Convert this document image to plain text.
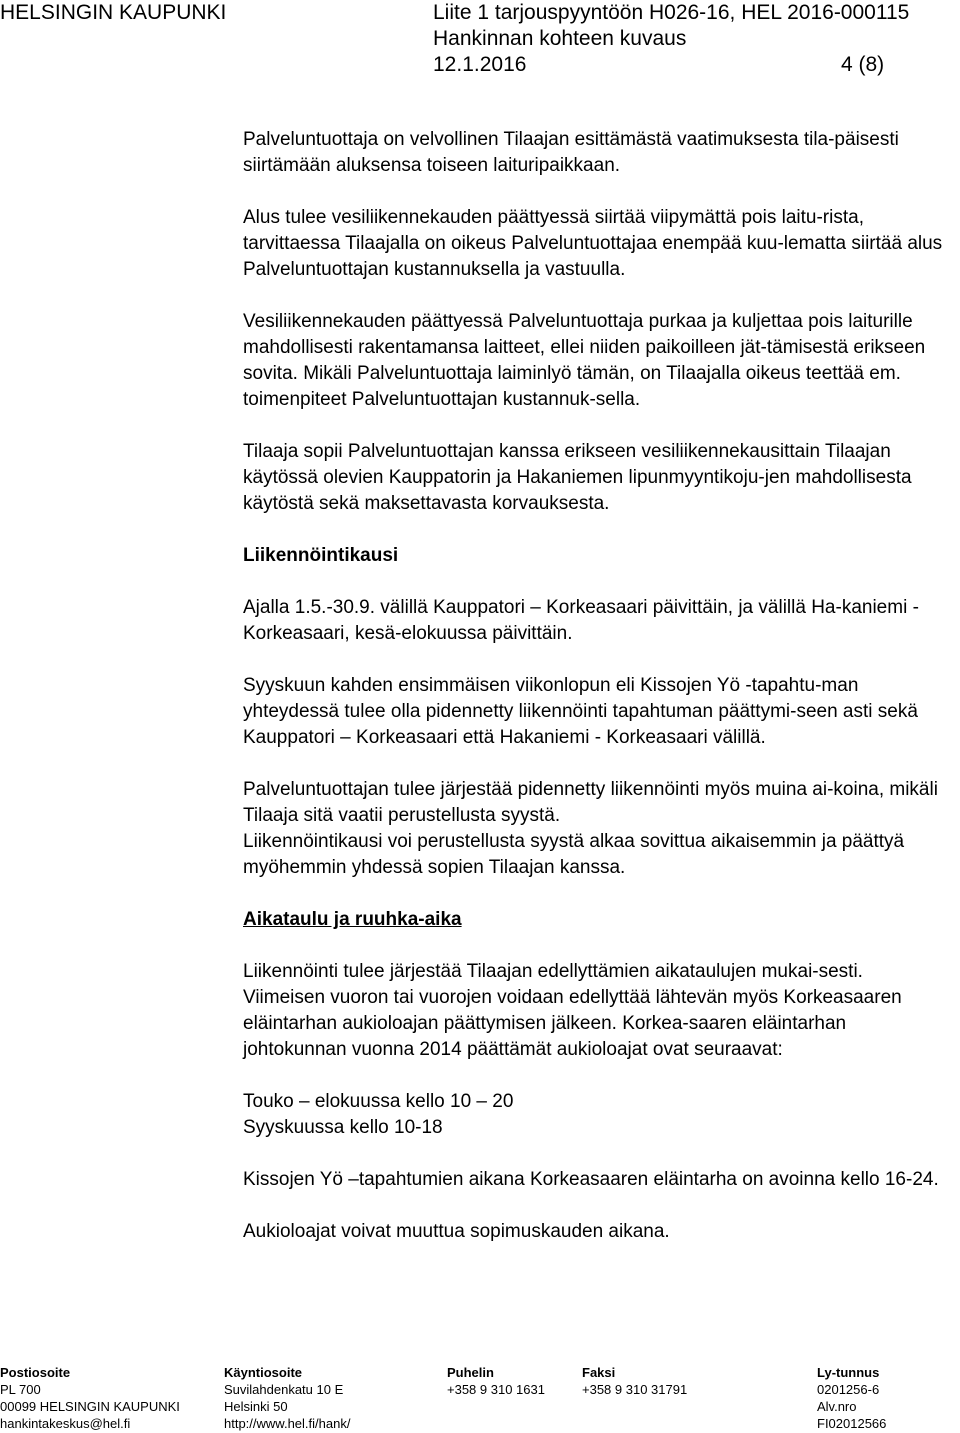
HELSINGIN KAUPUNKI	Liite 1 tarjouspyyntöön H026-16, HEL 2016-000115
Hankinnan kohteen kuvaus
12.1.2016	4 (8)

Palveluntuottaja on velvollinen Tilaajan esittämästä vaatimuksesta tila-päisesti siirtämään aluksensa toiseen laituripaikkaan.

Alus tulee vesiliikennekauden päättyessä siirtää viipymättä pois laitu-rista, tarvittaessa Tilaajalla on oikeus Palveluntuottajaa enempää kuu-lematta siirtää alus Palveluntuottajan kustannuksella ja vastuulla.

Vesiliikennekauden päättyessä Palveluntuottaja purkaa ja kuljettaa pois laiturille mahdollisesti rakentamansa laitteet, ellei niiden paikoilleen jät-tämisestä erikseen sovita. Mikäli Palveluntuottaja laiminlyö tämän, on Tilaajalla oikeus teettää em. toimenpiteet Palveluntuottajan kustannuk-sella.

Tilaaja sopii Palveluntuottajan kanssa erikseen vesiliikennekausittain Tilaajan käytössä olevien Kauppatorin ja Hakaniemen lipunmyyntikoju-jen mahdollisesta käytöstä sekä maksettavasta korvauksesta.

Liikennöintikausi

Ajalla 1.5.-30.9. välillä Kauppatori – Korkeasaari päivittäin, ja välillä Ha-kaniemi - Korkeasaari, kesä-elokuussa päivittäin.

Syyskuun kahden ensimmäisen viikonlopun eli Kissojen Yö -tapahtu-man yhteydessä tulee olla pidennetty liikennöinti tapahtuman päättymi-seen asti sekä Kauppatori – Korkeasaari että Hakaniemi - Korkeasaari välillä.

Palveluntuottajan tulee järjestää pidennetty liikennöinti myös muina ai-koina, mikäli Tilaaja sitä vaatii perustellusta syystä.

Liikennöintikausi voi perustellusta syystä alkaa sovittua aikaisemmin ja päättyä myöhemmin yhdessä sopien Tilaajan kanssa.

Aikataulu ja ruuhka-aika

Liikennöinti tulee järjestää Tilaajan edellyttämien aikataulujen mukai-sesti. Viimeisen vuoron tai vuorojen voidaan edellyttää lähtevän myös Korkeasaaren eläintarhan aukioloajan päättymisen jälkeen. Korkea-saaren eläintarhan johtokunnan vuonna 2014 päättämät aukioloajat ovat seuraavat:

Touko – elokuussa kello 10 – 20

Syyskuussa kello 10-18

Kissojen Yö –tapahtumien aikana Korkeasaaren eläintarha on avoinna kello 16-24.

Aukioloajat voivat muuttua sopimuskauden aikana.

Postiosoite
PL 700
00099 HELSINGIN KAUPUNKI
hankintakeskus@hel.fi
Käyntiosoite
Suvilahdenkatu 10 E
Helsinki 50
http://www.hel.fi/hank/
Puhelin
+358 9 310 1631
Faksi
+358 9 310 31791
Ly-tunnus
0201256-6
Alv.nro
FI02012566
